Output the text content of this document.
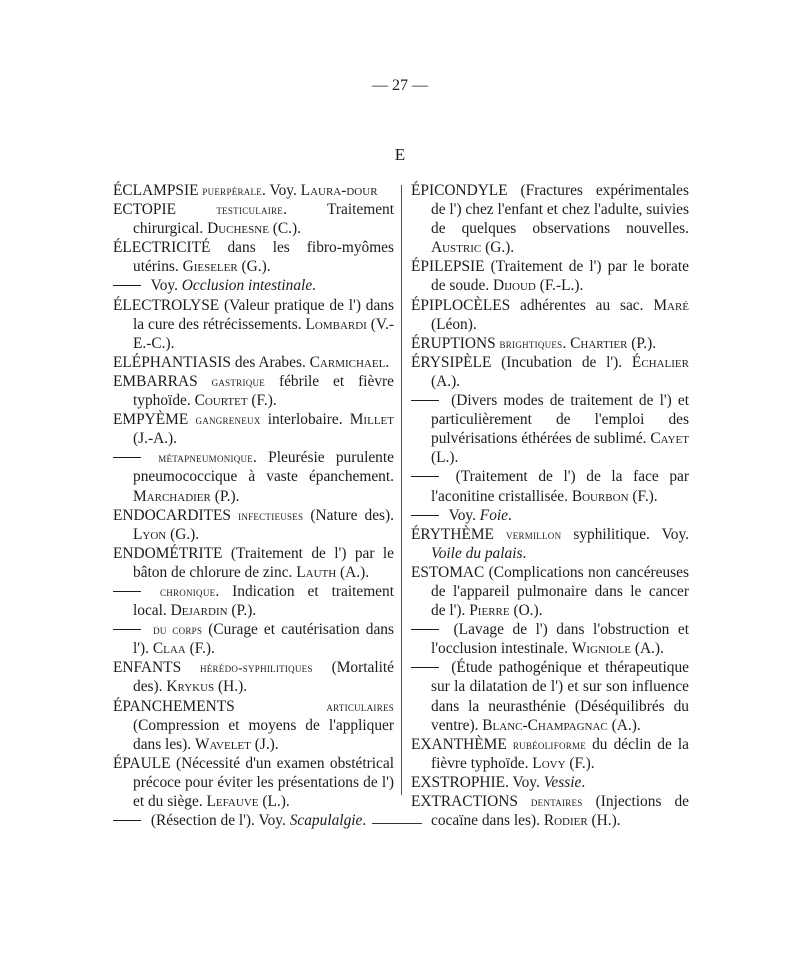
— 27 —
E

ÉCLAMPSIE puerpérale. Voy. Laura-dour

ECTOPIE	testiculaire. Traitement chirurgical. Duchesne (C.).

ÉLECTRICITÉ dans les fibro-myômes utérins. Gieseler (G.).

Voy. Occlusion intestinale.

ÉLECTROLYSE (Valeur pratique de l') dans la cure des rétrécissements. Lombardi (V.-E.-C.).

ELÉPHANTIASIS des Arabes. Carmichael.

EMBARRAS gastrique fébrile et fièvre typhoïde. Courtet (F.).

EMPYÈME gangreneux interlobaire. Millet (J.-A.).

métapneumonique. Pleurésie purulente pneumococcique à vaste épanchement. Marchadier (P.).

ENDOCARDITES infectieuses (Nature des). Lyon (G.).

ENDOMÉTRITE (Traitement de l') par le bâton de chlorure de zinc. Lauth (A.).

chronique. Indication et traitement local. Dejardin (P.).

du corps (Curage et cautérisation dans l'). Claa (F.).

ENFANTS hérédo-syphilitiques (Mortalité des). Krykus (H.).

ÉPANCHEMENTS	articulaires (Compression et moyens de l'appliquer dans les). Wavelet (J.).

ÉPAULE (Nécessité d'un examen obstétrical précoce pour éviter les présentations de l') et du siège. Lefauve (L.).

(Résection de l'). Voy. Scapulalgie.

ÉPICONDYLE (Fractures expérimentales de l') chez l'enfant et chez l'adulte, suivies de quelques observations nouvelles. Austric (G.).

ÉPILEPSIE (Traitement de l') par le borate de soude. Dijoud (F.-L.).

ÉPIPLOCÈLES adhérentes au sac. Maré (Léon).

ÉRUPTIONS brightiques. Chartier (P.).

ÉRYSIPÈLE (Incubation de l'). Échalier (A.).

(Divers modes de traitement de l') et particulièrement de l'emploi des pulvérisations éthérées de sublimé. Cayet (L.).

(Traitement de l') de la face par l'aconitine cristallisée. Bourbon (F.).

Voy. Foie.

ÉRYTHÈME vermillon syphilitique. Voy. Voile du palais.

ESTOMAC (Complications non cancéreuses de l'appareil pulmonaire dans le cancer de l'). Pierre (O.).

(Lavage de l') dans l'obstruction et l'occlusion intestinale. Wigniole (A.).

(Étude pathogénique et thérapeutique sur la dilatation de l') et sur son influence dans la neurasthénie (Déséquilibrés du ventre). Blanc-Champagnac (A.).

EXANTHÈME rubéoliforme du déclin de la fièvre typhoïde. Lovy (F.).

EXSTROPHIE. Voy. Vessie.

EXTRACTIONS dentaires (Injections de cocaïne dans les). Rodier (H.).
